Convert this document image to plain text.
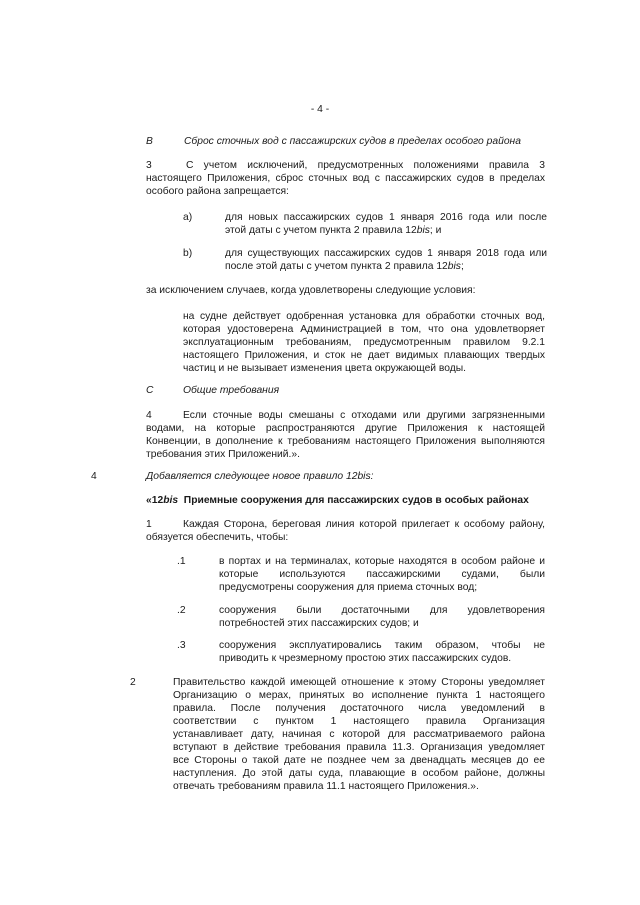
- 4 -
B	Сброс сточных вод с пассажирских судов в пределах особого района
3	С учетом исключений, предусмотренных положениями правила 3
настоящего Приложения, сброс сточных вод с пассажирских судов в пределах
особого района запрещается:
a)	для новых пассажирских судов 1 января 2016 года или после
этой даты с учетом пункта 2 правила 12bis; и
b)	для существующих пассажирских судов 1 января 2018 года или
после этой даты с учетом пункта 2 правила 12bis;
за исключением случаев, когда удовлетворены следующие условия:
на судне действует одобренная установка для обработки сточных вод,
которая удостоверена Администрацией в том, что она удовлетворяет
эксплуатационным требованиям, предусмотренным правилом 9.2.1
настоящего Приложения, и сток не дает видимых плавающих твердых
частиц и не вызывает изменения цвета окружающей воды.
C	Общие требования
4	Если сточные воды смешаны с отходами или другими загрязненными
водами, на которые распространяются другие Приложения к настоящей
Конвенции, в дополнение к требованиям настоящего Приложения выполняются
требования этих Приложений.».
4	Добавляется следующее новое правило 12bis:
«12bis  Приемные сооружения для пассажирских судов в особых районах
1	Каждая Сторона, береговая линия которой прилегает к особому району,
обязуется обеспечить, чтобы:
.1	в портах и на терминалах, которые находятся в особом районе и
которые используются пассажирскими судами, были
предусмотрены сооружения для приема сточных вод;
.2	сооружения были достаточными для удовлетворения
потребностей этих пассажирских судов; и
.3	сооружения эксплуатировались таким образом, чтобы не
приводить к чрезмерному простою этих пассажирских судов.
2	Правительство каждой имеющей отношение к этому Стороны уведомляет
Организацию о мерах, принятых во исполнение пункта 1 настоящего
правила. После получения достаточного числа уведомлений в
соответствии с пунктом 1 настоящего правила Организация
устанавливает дату, начиная с которой для рассматриваемого района
вступают в действие требования правила 11.3. Организация уведомляет
все Стороны о такой дате не позднее чем за двенадцать месяцев до ее
наступления. До этой даты суда, плавающие в особом районе, должны
отвечать требованиям правила 11.1 настоящего Приложения.».
